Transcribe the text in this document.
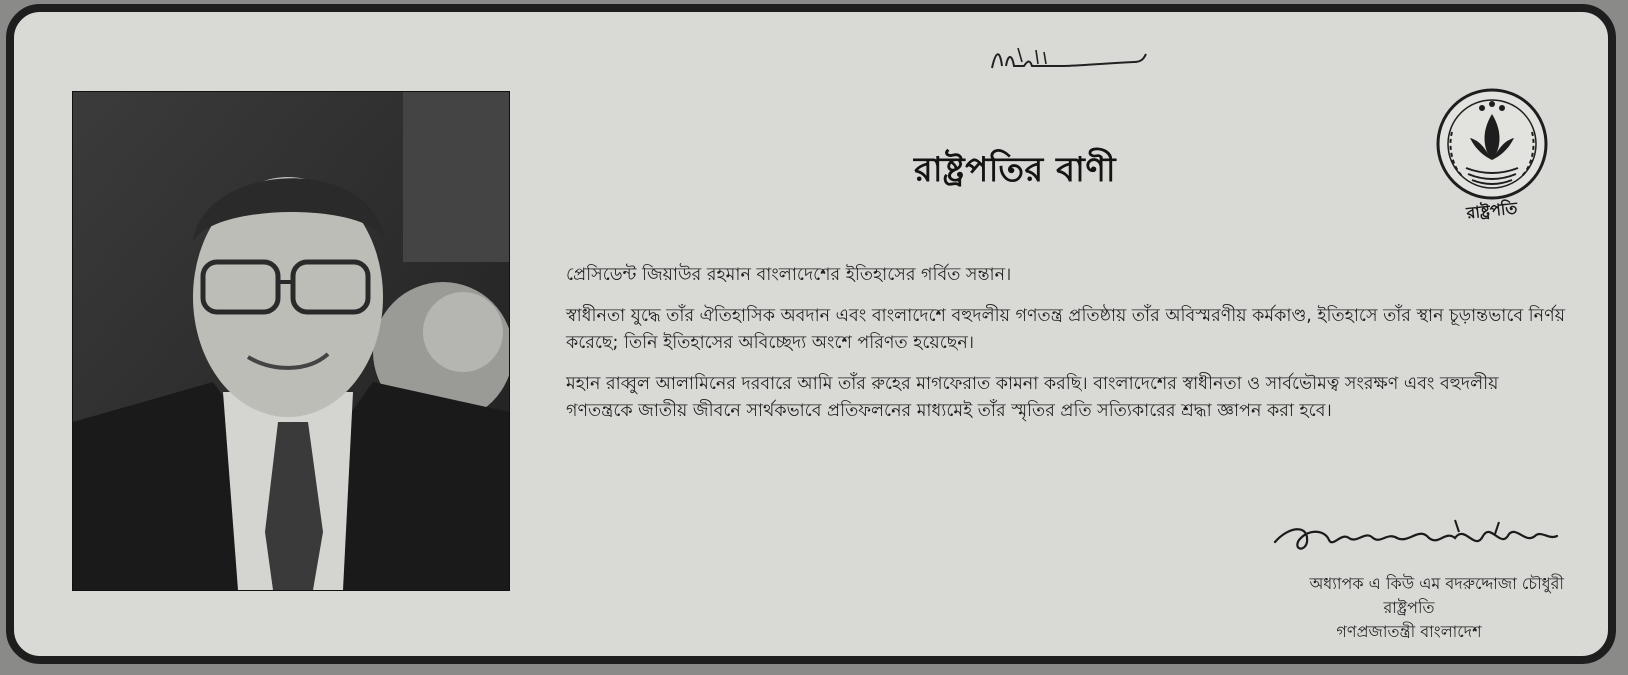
রাষ্ট্রপতির বাণী
রাষ্ট্রপতি

প্রেসিডেন্ট জিয়াউর রহমান বাংলাদেশের ইতিহাসের গর্বিত সন্তান।

স্বাধীনতা যুদ্ধে তাঁর ঐতিহাসিক অবদান এবং বাংলাদেশে বহুদলীয় গণতন্ত্র প্রতিষ্ঠায় তাঁর অবিস্মরণীয় কর্মকাণ্ড, ইতিহাসে তাঁর স্থান চূড়ান্তভাবে নির্ণয় করেছে; তিনি ইতিহাসের অবিচ্ছেদ্য অংশে পরিণত হয়েছেন।

মহান রাব্বুল আলামিনের দরবারে আমি তাঁর রুহের মাগফেরাত কামনা করছি। বাংলাদেশের স্বাধীনতা ও সার্বভৌমত্ব সংরক্ষণ এবং বহুদলীয় গণতন্ত্রকে জাতীয় জীবনে সার্থকভাবে প্রতিফলনের মাধ্যমেই তাঁর স্মৃতির প্রতি সত্যিকারের শ্রদ্ধা জ্ঞাপন করা হবে।

অধ্যাপক এ কিউ এম বদরুদ্দোজা চৌধুরী
রাষ্ট্রপতি
গণপ্রজাতন্ত্রী বাংলাদেশ
